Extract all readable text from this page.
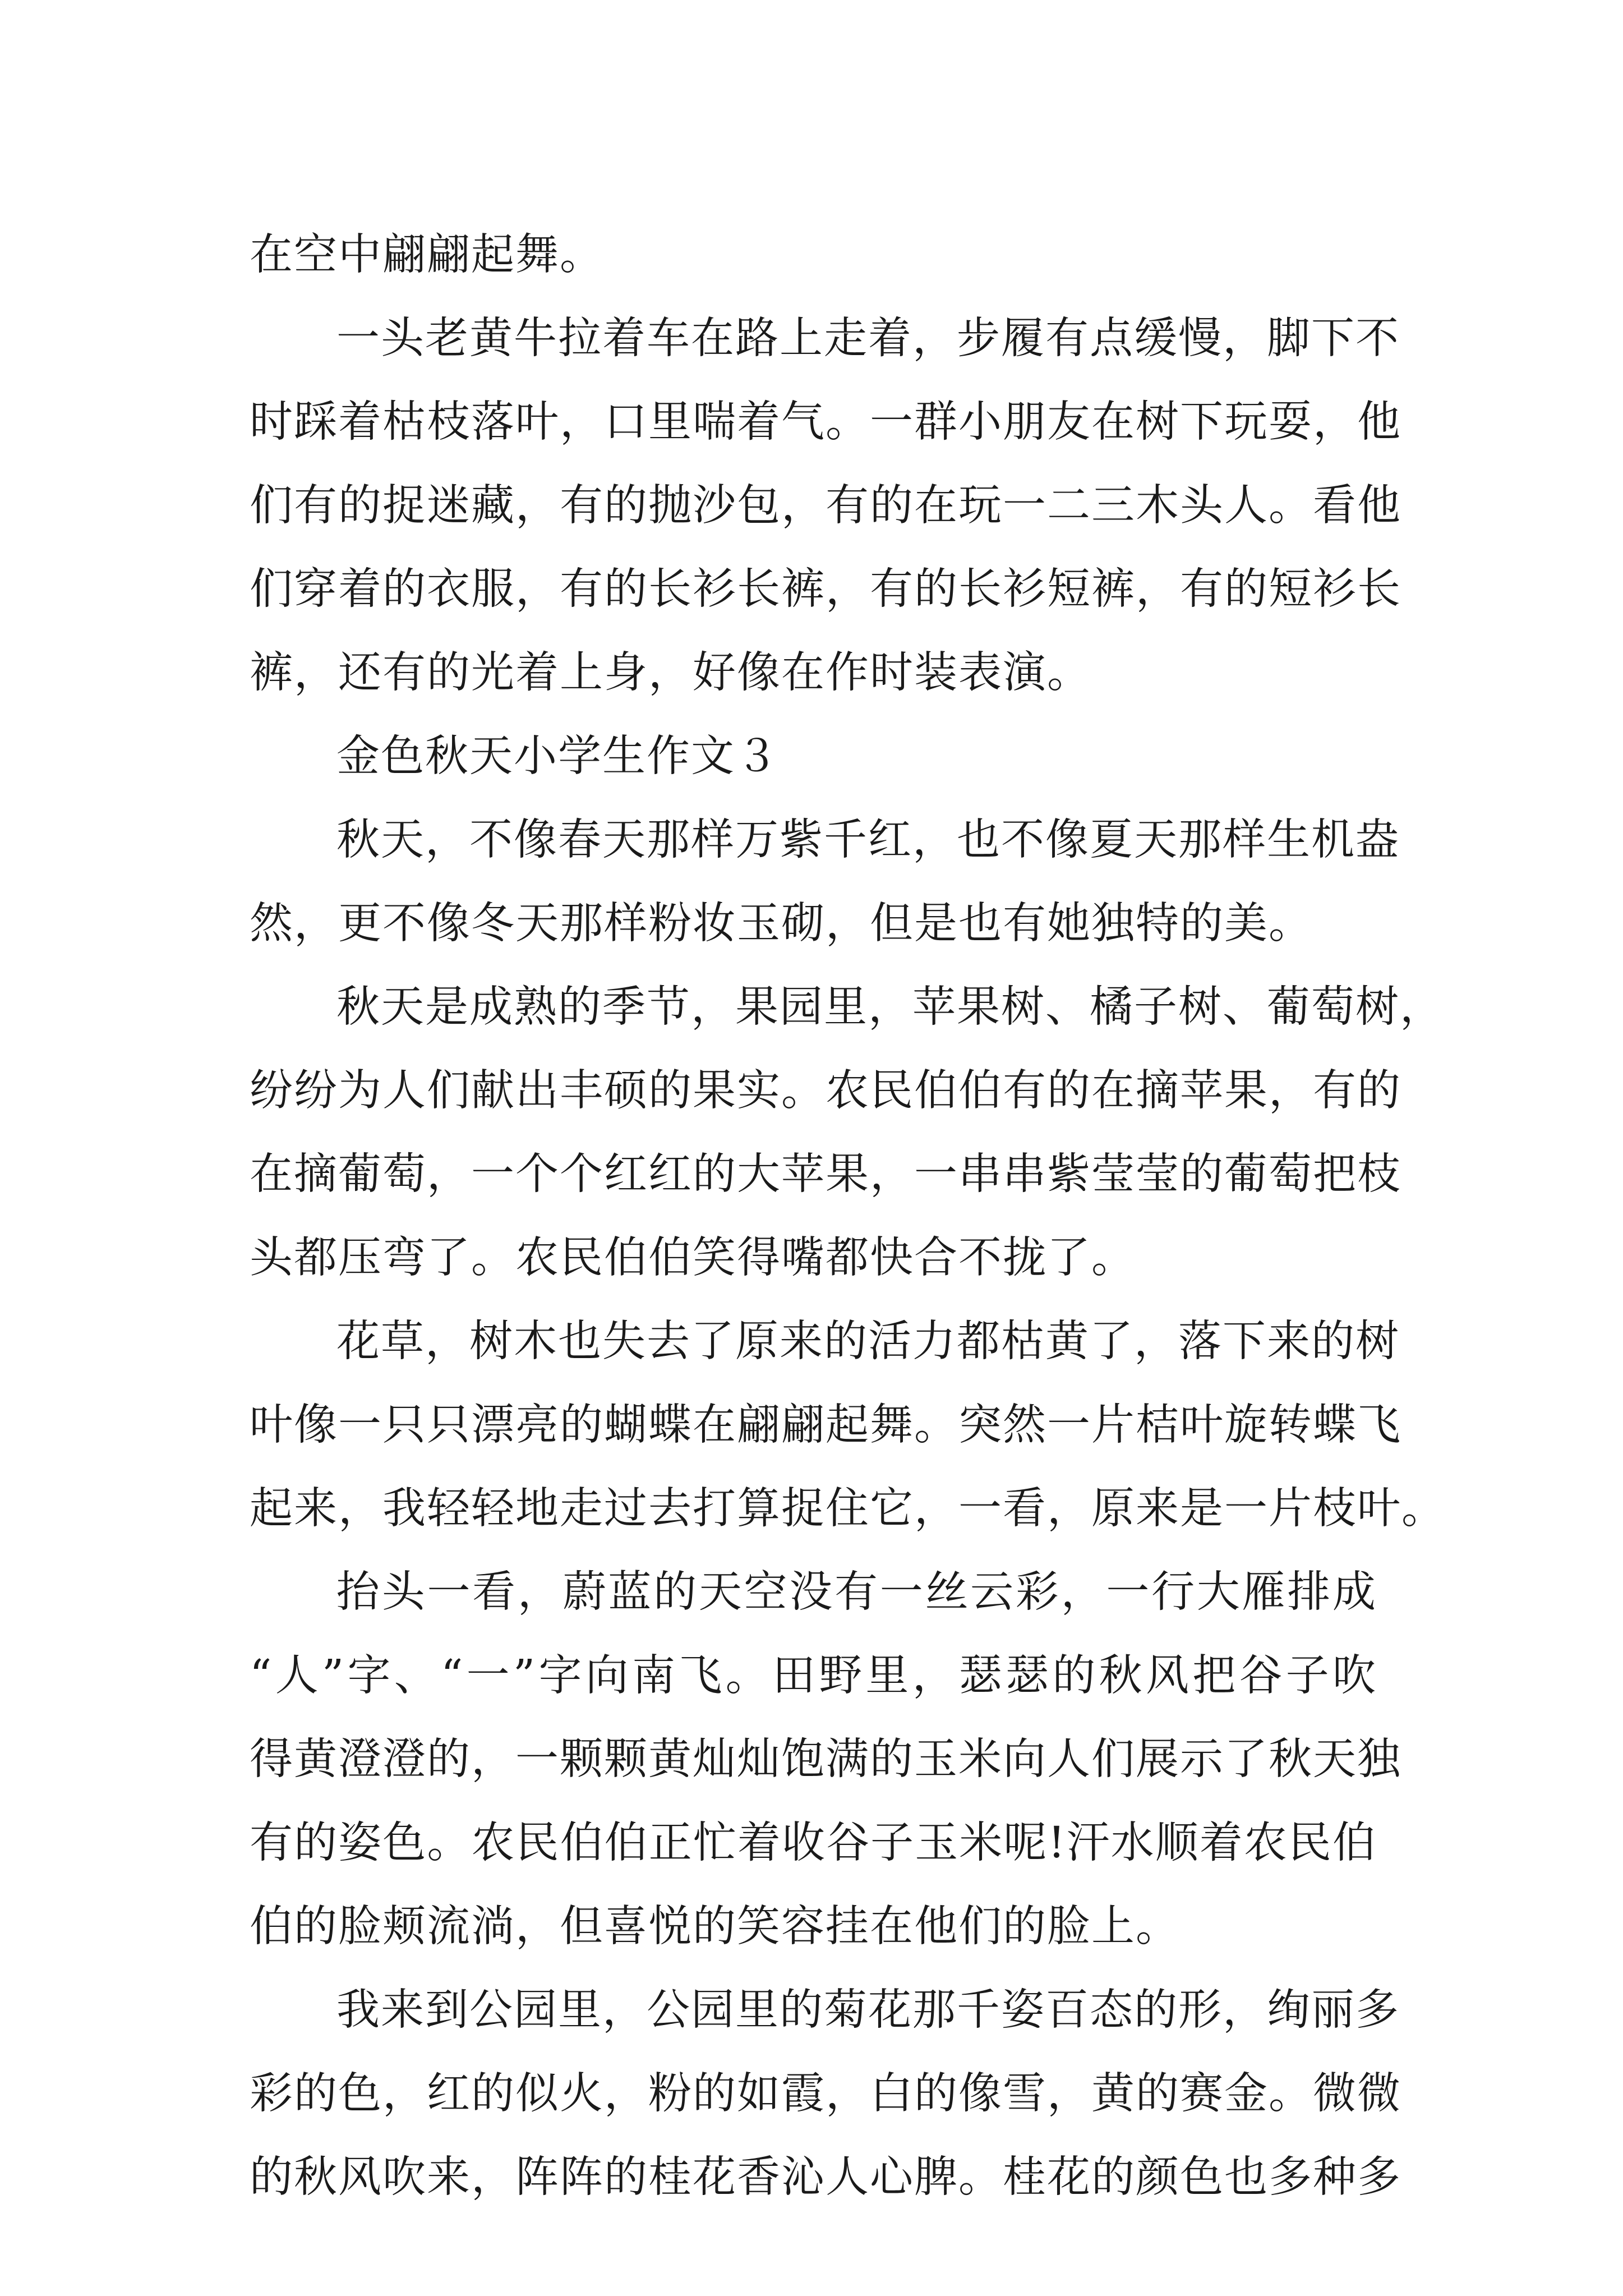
在空中翩翩起舞。
一头老黄牛拉着车在路上走着，步履有点缓慢，脚下不
时踩着枯枝落叶，口里喘着气。一群小朋友在树下玩耍，他
们有的捉迷藏，有的抛沙包，有的在玩一二三木头人。看他
们穿着的衣服，有的长衫长裤，有的长衫短裤，有的短衫长
裤，还有的光着上身，好像在作时装表演。
金色秋天小学生作文３
秋天，不像春天那样万紫千红，也不像夏天那样生机盎
然，更不像冬天那样粉妆玉砌，但是也有她独特的美。
秋天是成熟的季节，果园里，苹果树、橘子树、葡萄树，
纷纷为人们献出丰硕的果实。农民伯伯有的在摘苹果，有的
在摘葡萄，一个个红红的大苹果，一串串紫莹莹的葡萄把枝
头都压弯了。农民伯伯笑得嘴都快合不拢了。
花草，树木也失去了原来的活力都枯黄了，落下来的树
叶像一只只漂亮的蝴蝶在翩翩起舞。突然一片桔叶旋转蝶飞
起来，我轻轻地走过去打算捉住它，一看，原来是一片枝叶。
抬头一看，蔚蓝的天空没有一丝云彩，一行大雁排成
“人”字、“一”字向南飞。田野里，瑟瑟的秋风把谷子吹
得黄澄澄的，一颗颗黄灿灿饱满的玉米向人们展示了秋天独
有的姿色。农民伯伯正忙着收谷子玉米呢!汗水顺着农民伯
伯的脸颊流淌，但喜悦的笑容挂在他们的脸上。
我来到公园里，公园里的菊花那千姿百态的形，绚丽多
彩的色，红的似火，粉的如霞，白的像雪，黄的赛金。微微
的秋风吹来，阵阵的桂花香沁人心脾。桂花的颜色也多种多
